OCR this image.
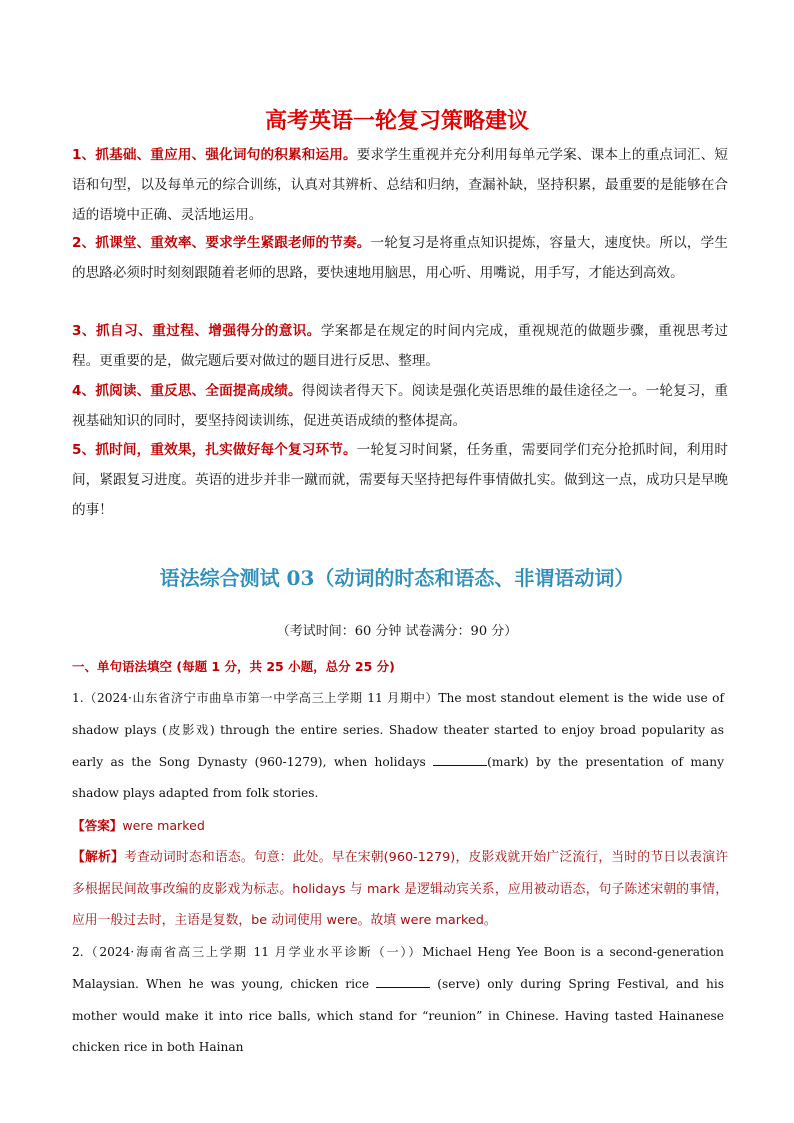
高考英语一轮复习策略建议

1、抓基础、重应用、强化词句的积累和运用。要求学生重视并充分利用每单元学案、课本上的重点词汇、短语和句型，以及每单元的综合训练，认真对其辨析、总结和归纳，查漏补缺，坚持积累，最重要的是能够在合适的语境中正确、灵活地运用。

2、抓课堂、重效率、要求学生紧跟老师的节奏。一轮复习是将重点知识提炼，容量大，速度快。所以，学生的思路必须时时刻刻跟随着老师的思路，要快速地用脑思，用心听、用嘴说，用手写，才能达到高效。

3、抓自习、重过程、增强得分的意识。学案都是在规定的时间内完成，重视规范的做题步骤，重视思考过程。更重要的是，做完题后要对做过的题目进行反思、整理。

4、抓阅读、重反思、全面提高成绩。得阅读者得天下。阅读是强化英语思维的最佳途径之一。一轮复习，重视基础知识的同时，要坚持阅读训练，促进英语成绩的整体提高。

5、抓时间，重效果，扎实做好每个复习环节。一轮复习时间紧，任务重，需要同学们充分抢抓时间，利用时间，紧跟复习进度。英语的进步并非一蹴而就，需要每天坚持把每件事情做扎实。做到这一点，成功只是早晚的事！

语法综合测试 03（动词的时态和语态、非谓语动词）
（考试时间：60 分钟 试卷满分：90 分）
一、单句语法填空 (每题 1 分，共 25 小题，总分 25 分)
1.（2024·山东省济宁市曲阜市第一中学高三上学期 11 月期中）The most standout element is the wide use of shadow plays (皮影戏) through the entire series. Shadow theater started to enjoy broad popularity as early as the Song Dynasty (960-1279), when holidays	(mark) by the presentation of many shadow plays adapted from folk stories.
【答案】were marked
【解析】考查动词时态和语态。句意：此处。早在宋朝(960-1279)，皮影戏就开始广泛流行，当时的节日以表演许多根据民间故事改编的皮影戏为标志。holidays 与 mark 是逻辑动宾关系，应用被动语态，句子陈述宋朝的事情，应用一般过去时，主语是复数，be 动词使用 were。故填 were marked。
2.（2024·海南省高三上学期 11 月学业水平诊断（一））Michael Heng Yee Boon is a second-generation Malaysian. When he was young, chicken rice	(serve) only during Spring Festival, and his mother would make it into rice balls, which stand for “reunion” in Chinese. Having tasted Hainanese chicken rice in both Hainan
